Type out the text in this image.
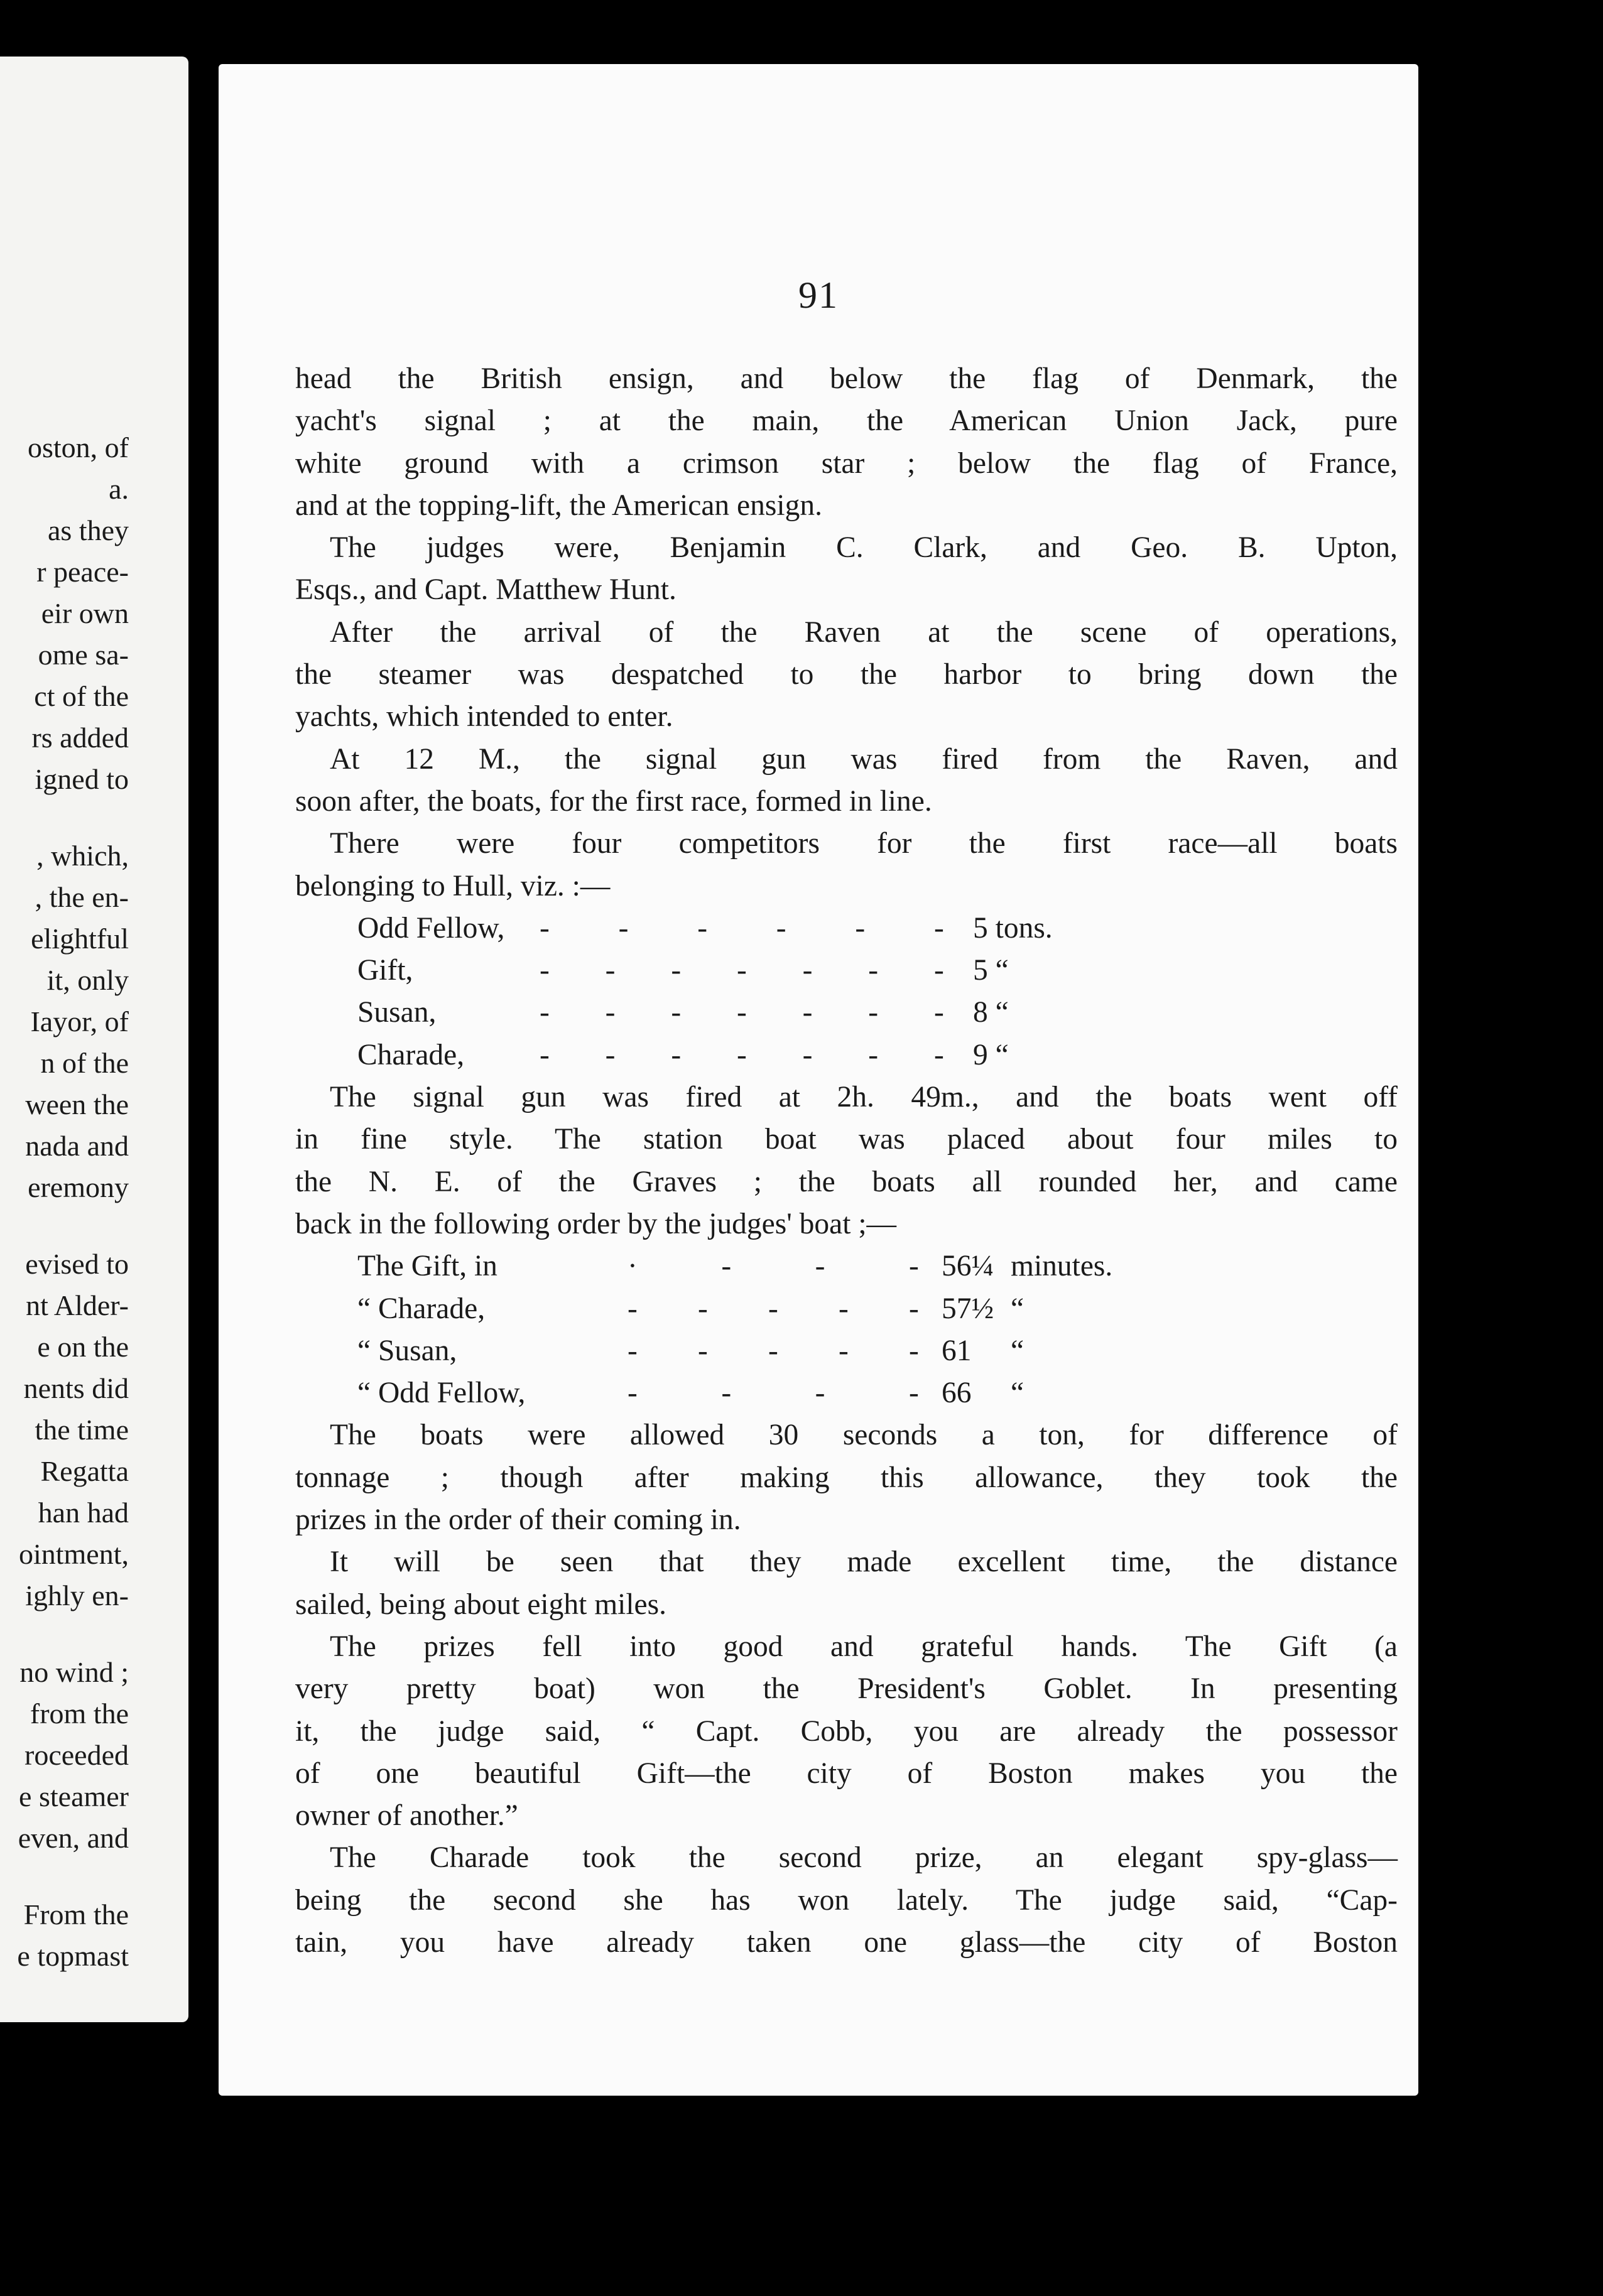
oston, of
a.
as they
r peace-
eir own
ome sa-
ct of the
rs added
igned to
, which,
, the en-
elightful
it, only
Iayor, of
n of the
ween the
nada and
eremony
evised to
nt Alder-
e on the
nents did
the time
Regatta
han had
ointment,
ighly en-
no wind ;
from the
roceeded
e steamer
even, and
From the
e topmast
91

head the British ensign, and below the flag of Denmark, the
yacht's signal ; at the main, the American Union Jack, pure
white ground with a crimson star ; below the flag of France,
and at the topping-lift, the American ensign.

The judges were, Benjamin C. Clark, and Geo. B. Upton,
Esqs., and Capt. Matthew Hunt.

After the arrival of the Raven at the scene of operations,
the steamer was despatched to the harbor to bring down the
yachts, which intended to enter.

At 12 M., the signal gun was fired from the Raven, and
soon after, the boats, for the first race, formed in line.

There were four competitors for the first race—all boats
belonging to Hull, viz. :—

Odd Fellow,	- - - - - - 5 tons.
Gift,	- - - - - - - 5 “
Susan,	- - - - - - - 8 “
Charade,	- - - - - - - 9 “

The signal gun was fired at 2h. 49m., and the boats went off
in fine style. The station boat was placed about four miles to
the N. E. of the Graves ; the boats all rounded her, and came
back in the following order by the judges' boat ;—

The Gift, in	·	-	-	- 56¼ minutes.
“ Charade,	- - - - - 57½ “
“ Susan,	- - - - - 61	“
“ Odd Fellow,	-	-	-	- 66	“

The boats were allowed 30 seconds a ton, for difference of
tonnage ; though after making this allowance, they took the
prizes in the order of their coming in.

It will be seen that they made excellent time, the distance
sailed, being about eight miles.

The prizes fell into good and grateful hands. The Gift (a
very pretty boat) won the President's Goblet. In presenting
it, the judge said, “ Capt. Cobb, you are already the possessor
of one beautiful Gift—the city of Boston makes you the
owner of another.”

The Charade took the second prize, an elegant spy-glass—
being the second she has won lately. The judge said, “Cap-
tain, you have already taken one glass—the city of Boston
